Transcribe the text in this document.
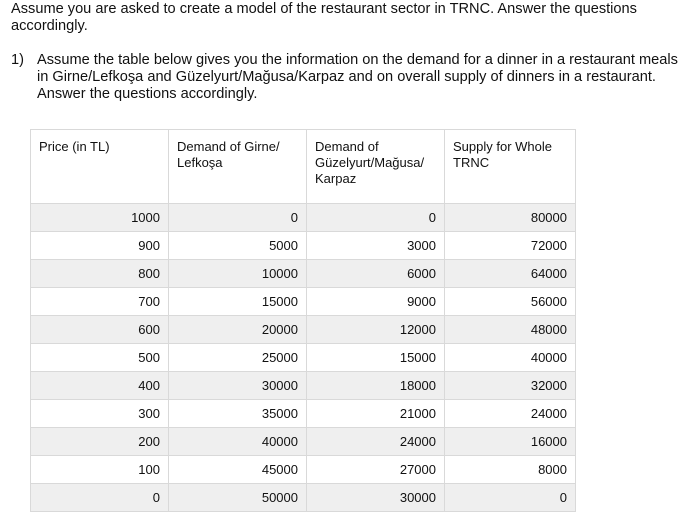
Assume you are asked to create a model of the restaurant sector in TRNC. Answer the questions accordingly.

1) Assume the table below gives you the information on the demand for a dinner in a restaurant meals in Girne/Lefkoşa and Güzelyurt/Mağusa/Karpaz and on overall supply of dinners in a restaurant. Answer the questions accordingly.
Price (in TL)	Demand of Girne/ Lefkoşa	Demand of Güzelyurt/Mağusa/ Karpaz	Supply for Whole TRNC
1000	0	0	80000
900	5000	3000	72000
800	10000	6000	64000
700	15000	9000	56000
600	20000	12000	48000
500	25000	15000	40000
400	30000	18000	32000
300	35000	21000	24000
200	40000	24000	16000
100	45000	27000	8000
0	50000	30000	0
